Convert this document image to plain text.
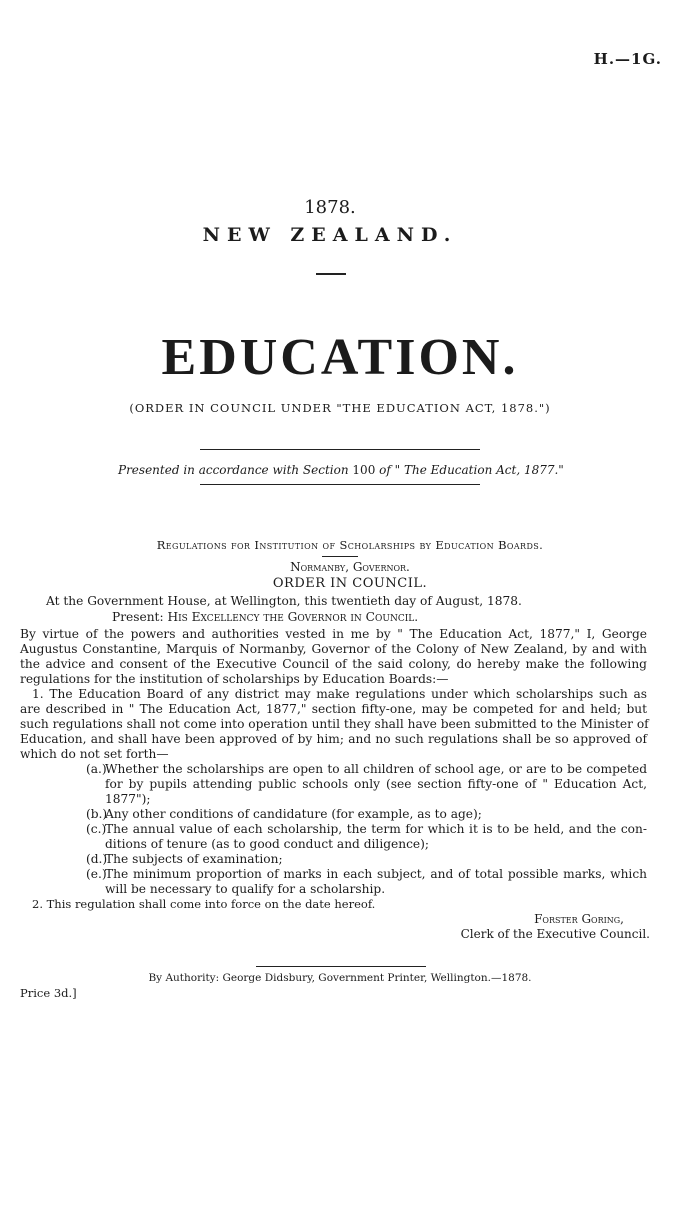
H.—1G.
1878.
NEW ZEALAND.
EDUCATION.
(ORDER IN COUNCIL UNDER "THE EDUCATION ACT, 1878.")
Presented in accordance with Section 100 of " The Education Act, 1877."
Regulations for Institution of Scholarships by Education Boards.
Normanby, Governor.
ORDER IN COUNCIL.
At the Government House, at Wellington, this twentieth day of August, 1878.
Present: His Excellency the Governor in Council.
By virtue of the powers and authorities vested in me by " The Education Act, 1877," I, George
Augustus Constantine, Marquis of Normanby, Governor of the Colony of New Zealand, by and with
the advice and consent of the Executive Council of the said colony, do hereby make the following
regulations for the institution of scholarships by Education Boards:—
1. The Education Board of any district may make regulations under which scholarships such as
are described in " The Education Act, 1877," section fifty-one, may be competed for and held; but
such regulations shall not come into operation until they shall have been submitted to the Minister of
Education, and shall have been approved of by him; and no such regulations shall be so approved of
which do not set forth—
(a.)
Whether the scholarships are open to all children of school age, or are to be competed
for by pupils attending public schools only (see section fifty-one of " Education Act,
1877");
(b.)
Any other conditions of candidature (for example, as to age);
(c.)
The annual value of each scholarship, the term for which it is to be held, and the con-
ditions of tenure (as to good conduct and diligence);
(d.)
The subjects of examination;
(e.)
The minimum proportion of marks in each subject, and of total possible marks, which
will be necessary to qualify for a scholarship.
2. This regulation shall come into force on the date hereof.
Forster Goring,
Clerk of the Executive Council.
By Authority: George Didsbury, Government Printer, Wellington.—1878.
Price 3d.]
